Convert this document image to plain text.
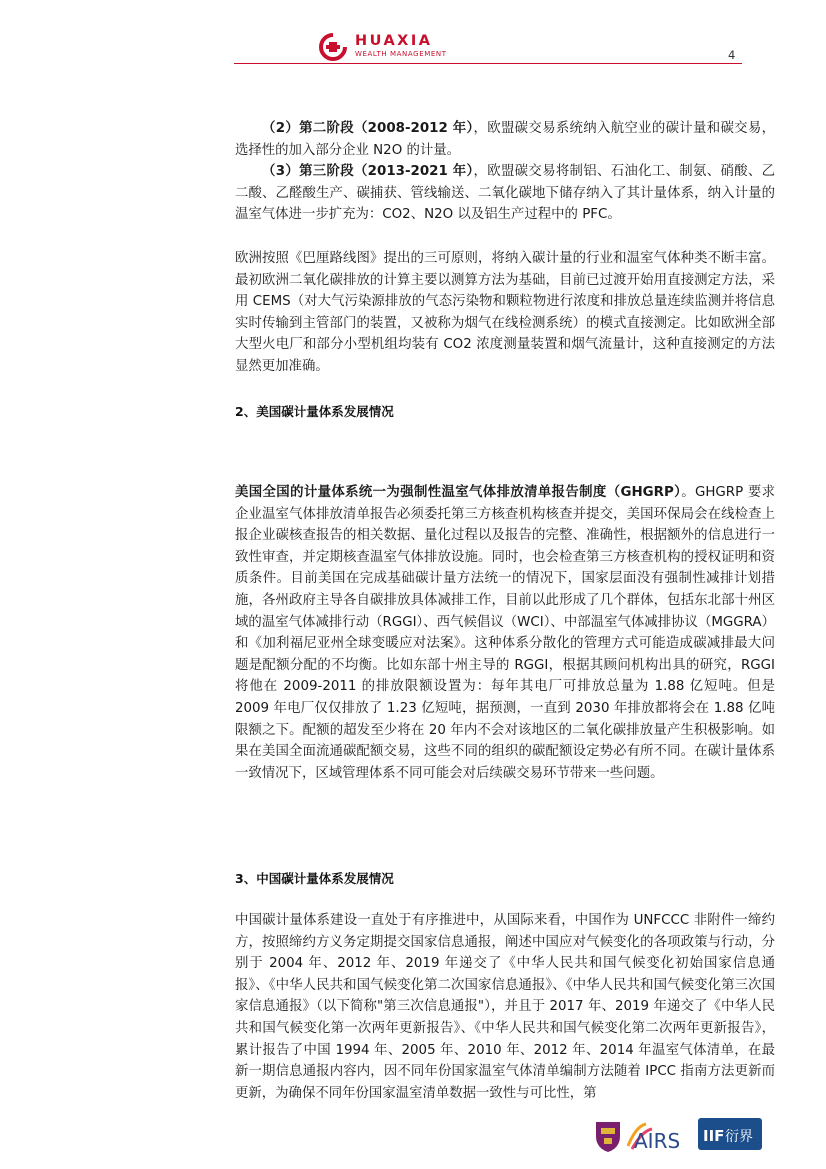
HUAXIA
WEALTH MANAGEMENT	4
（2）第二阶段（2008-2012 年），欧盟碳交易系统纳入航空业的碳计量和碳交易，选择性的加入部分企业 N2O 的计量。
（3）第三阶段（2013-2021 年），欧盟碳交易将制铝、石油化工、制氨、硝酸、乙二酸、乙醛酸生产、碳捕获、管线输送、二氧化碳地下储存纳入了其计量体系，纳入计量的温室气体进一步扩充为：CO2、N2O 以及铝生产过程中的 PFC。
欧洲按照《巴厘路线图》提出的三可原则，将纳入碳计量的行业和温室气体种类不断丰富。最初欧洲二氧化碳排放的计算主要以测算方法为基础，目前已过渡开始用直接测定方法，采用 CEMS（对大气污染源排放的气态污染物和颗粒物进行浓度和排放总量连续监测并将信息实时传输到主管部门的装置，又被称为烟气在线检测系统）的模式直接测定。比如欧洲全部大型火电厂和部分小型机组均装有 CO2 浓度测量装置和烟气流量计，这种直接测定的方法显然更加准确。
2、美国碳计量体系发展情况
美国全国的计量体系统一为强制性温室气体排放清单报告制度（GHGRP）。GHGRP 要求企业温室气体排放清单报告必须委托第三方核查机构核查并提交，美国环保局会在线检查上报企业碳核查报告的相关数据、量化过程以及报告的完整、准确性，根据额外的信息进行一致性审查，并定期核查温室气体排放设施。同时，也会检查第三方核查机构的授权证明和资质条件。目前美国在完成基础碳计量方法统一的情况下，国家层面没有强制性减排计划措施，各州政府主导各自碳排放具体减排工作，目前以此形成了几个群体，包括东北部十州区域的温室气体减排行动（RGGI）、西气候倡议（WCI）、中部温室气体减排协议（MGGRA）和《加利福尼亚州全球变暖应对法案》。这种体系分散化的管理方式可能造成碳减排最大问题是配额分配的不均衡。比如东部十州主导的 RGGI，根据其顾问机构出具的研究，RGGI 将他在 2009-2011 的排放限额设置为：每年其电厂可排放总量为 1.88 亿短吨。但是 2009 年电厂仅仅排放了 1.23 亿短吨，据预测，一直到 2030 年排放都将会在 1.88 亿吨限额之下。配额的超发至少将在 20 年内不会对该地区的二氧化碳排放量产生积极影响。如果在美国全面流通碳配额交易，这些不同的组织的碳配额设定势必有所不同。在碳计量体系一致情况下，区域管理体系不同可能会对后续碳交易环节带来一些问题。
3、中国碳计量体系发展情况
中国碳计量体系建设一直处于有序推进中，从国际来看，中国作为 UNFCCC 非附件一缔约方，按照缔约方义务定期提交国家信息通报，阐述中国应对气候变化的各项政策与行动，分别于 2004 年、2012 年、2019 年递交了《中华人民共和国气候变化初始国家信息通报》、《中华人民共和国气候变化第二次国家信息通报》、《中华人民共和国气候变化第三次国家信息通报》（以下简称"第三次信息通报"），并且于 2017 年、2019 年递交了《中华人民共和国气候变化第一次两年更新报告》、《中华人民共和国气候变化第二次两年更新报告》，累计报告了中国 1994 年、2005 年、2010 年、2012 年、2014 年温室气体清单，在最新一期信息通报内容内，因不同年份国家温室气体清单编制方法随着 IPCC 指南方法更新而更新，为确保不同年份国家温室清单数据一致性与可比性，第
AIRS IIF 衍界
